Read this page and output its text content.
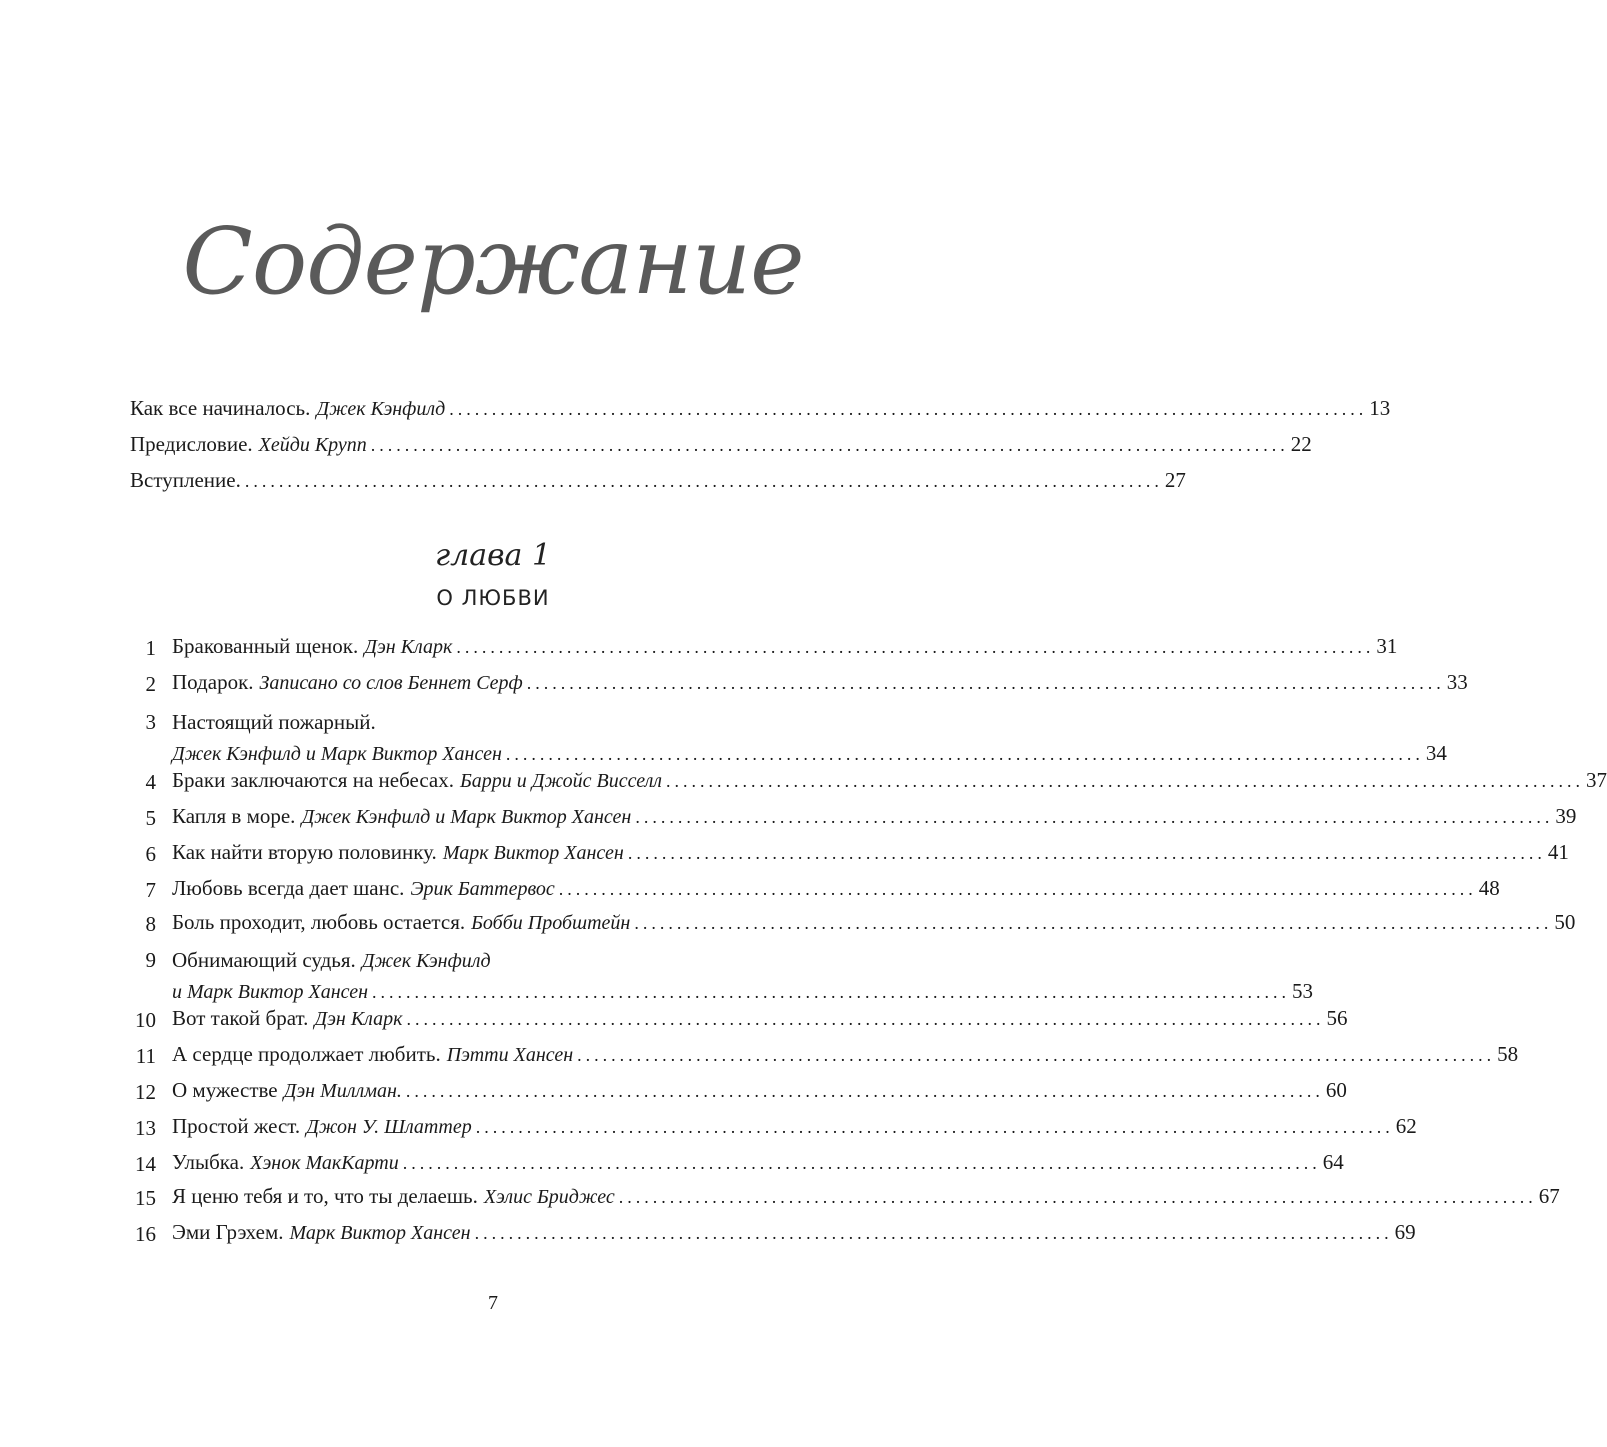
Содержание
Как все начиналось. Джек Кэнфилд ............................................................................................................ 13
Предисловие. Хейди Крупп ............................................................................................................ 22
Вступление. ............................................................................................................ 27
глава 1
О ЛЮБВИ
1 Бракованный щенок. Дэн Кларк ............................................................................................................ 31
2 Подарок. Записано со слов Беннет Серф ............................................................................................................ 33
3 Настоящий пожарный.
Джек Кэнфилд и Марк Виктор Хансен ............................................................................................................ 34
4 Браки заключаются на небесах. Барри и Джойс Висселл ............................................................................................................ 37
5 Капля в море. Джек Кэнфилд и Марк Виктор Хансен ............................................................................................................ 39
6 Как найти вторую половинку. Марк Виктор Хансен ............................................................................................................ 41
7 Любовь всегда дает шанс. Эрик Баттервос ............................................................................................................ 48
8 Боль проходит, любовь остается. Бобби Пробштейн ............................................................................................................ 50
9 Обнимающий судья. Джек Кэнфилд
и Марк Виктор Хансен ............................................................................................................ 53
10 Вот такой брат. Дэн Кларк ............................................................................................................ 56
11 А сердце продолжает любить. Пэтти Хансен ............................................................................................................ 58
12 О мужестве Дэн Миллман. ............................................................................................................ 60
13 Простой жест. Джон У. Шлаттер ............................................................................................................ 62
14 Улыбка. Хэнок МакКарти ............................................................................................................ 64
15 Я ценю тебя и то, что ты делаешь. Хэлис Бриджес ............................................................................................................ 67
16 Эми Грэхем. Марк Виктор Хансен ............................................................................................................ 69
7
